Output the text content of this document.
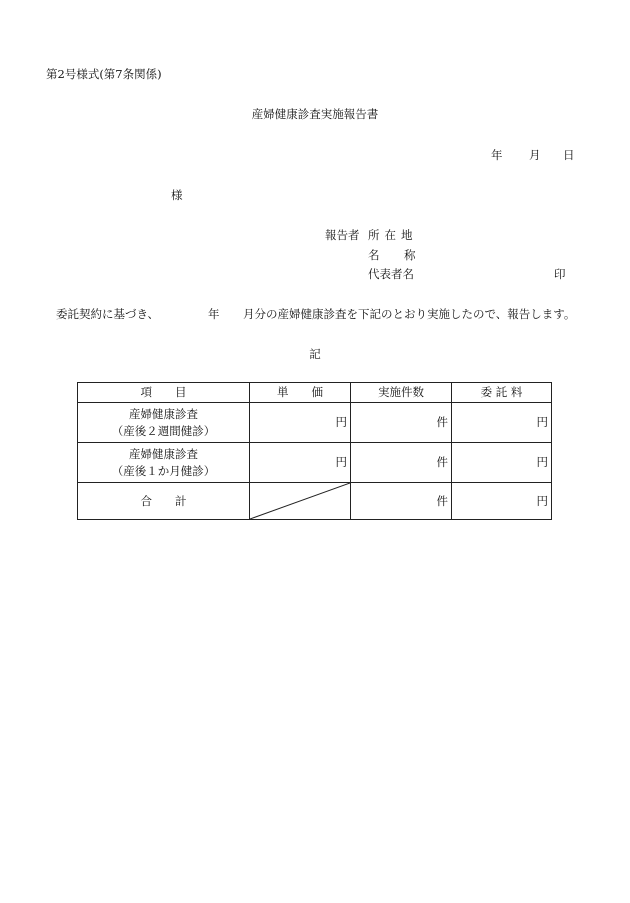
第2号様式(第7条関係)
産婦健康診査実施報告書
年 月 日
様
報告者 所在地
名 称
代表者名	印
委託契約に基づき、	年 月分の産婦健康診査を下記のとおり実施したので、報告します。
記
項　　目	単　　価	実施件数	委 託 料

産婦健康診査
（産後２週間健診）	円	件	円

産婦健康診査
（産後１か月健診）	円	件	円
合　　計		件	円
